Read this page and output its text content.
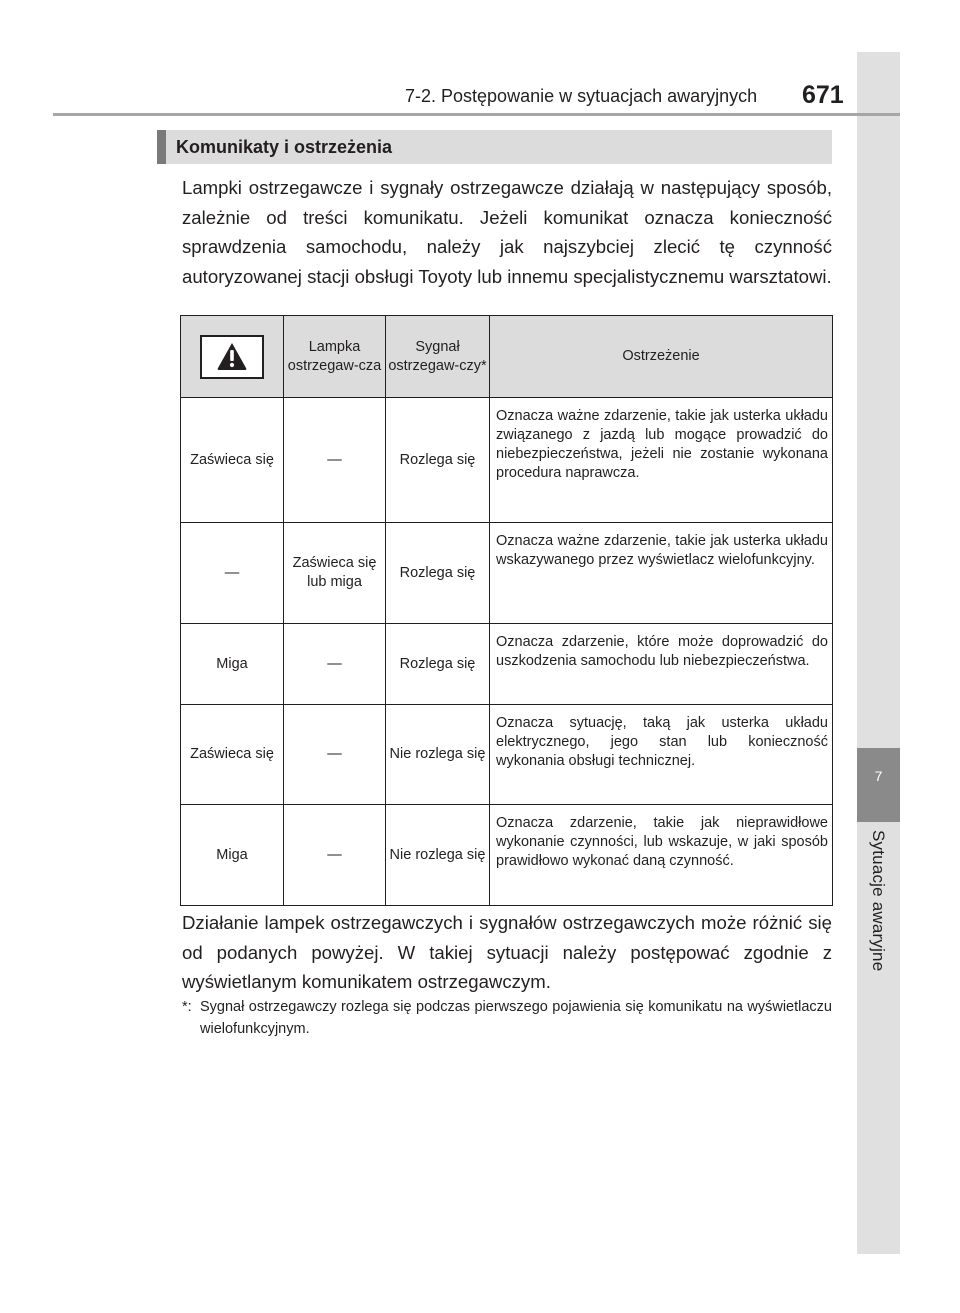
7
Sytuacje awaryjne
7-2. Postępowanie w sytuacjach awaryjnych 671
Komunikaty i ostrzeżenia

Lampki ostrzegawcze i sygnały ostrzegawcze działają w następujący sposób, zależnie od treści komunikatu. Jeżeli komunikat oznacza konieczność sprawdzenia samochodu, należy jak najszybciej zlecić tę czynność autoryzowanej stacji obsługi Toyoty lub innemu specjalistycznemu warsztatowi.

	Lampka ostrzegaw-cza	Sygnał ostrzegaw-czy*	Ostrzeżenie
Zaświeca się	—	Rozlega się	Oznacza ważne zdarzenie, takie jak usterka układu związanego z jazdą lub mogące prowadzić do niebezpieczeństwa, jeżeli nie zostanie wykonana procedura naprawcza.

—	Zaświeca się lub miga	Rozlega się	Oznacza ważne zdarzenie, takie jak usterka układu wskazywanego przez wyświetlacz wielofunkcyjny.

Miga	—	Rozlega się	Oznacza zdarzenie, które może doprowadzić do uszkodzenia samochodu lub niebezpieczeństwa.

Zaświeca się	—	Nie rozlega się	Oznacza sytuację, taką jak usterka układu elektrycznego, jego stan lub konieczność wykonania obsługi technicznej.

Miga	—	Nie rozlega się	Oznacza zdarzenie, takie jak nieprawidłowe wykonanie czynności, lub wskazuje, w jaki sposób prawidłowo wykonać daną czynność.

Działanie lampek ostrzegawczych i sygnałów ostrzegawczych może różnić się od podanych powyżej. W takiej sytuacji należy postępować zgodnie z wyświetlanym komunikatem ostrzegawczym.

*: Sygnał ostrzegawczy rozlega się podczas pierwszego pojawienia się komunikatu na wyświetlaczu wielofunkcyjnym.
